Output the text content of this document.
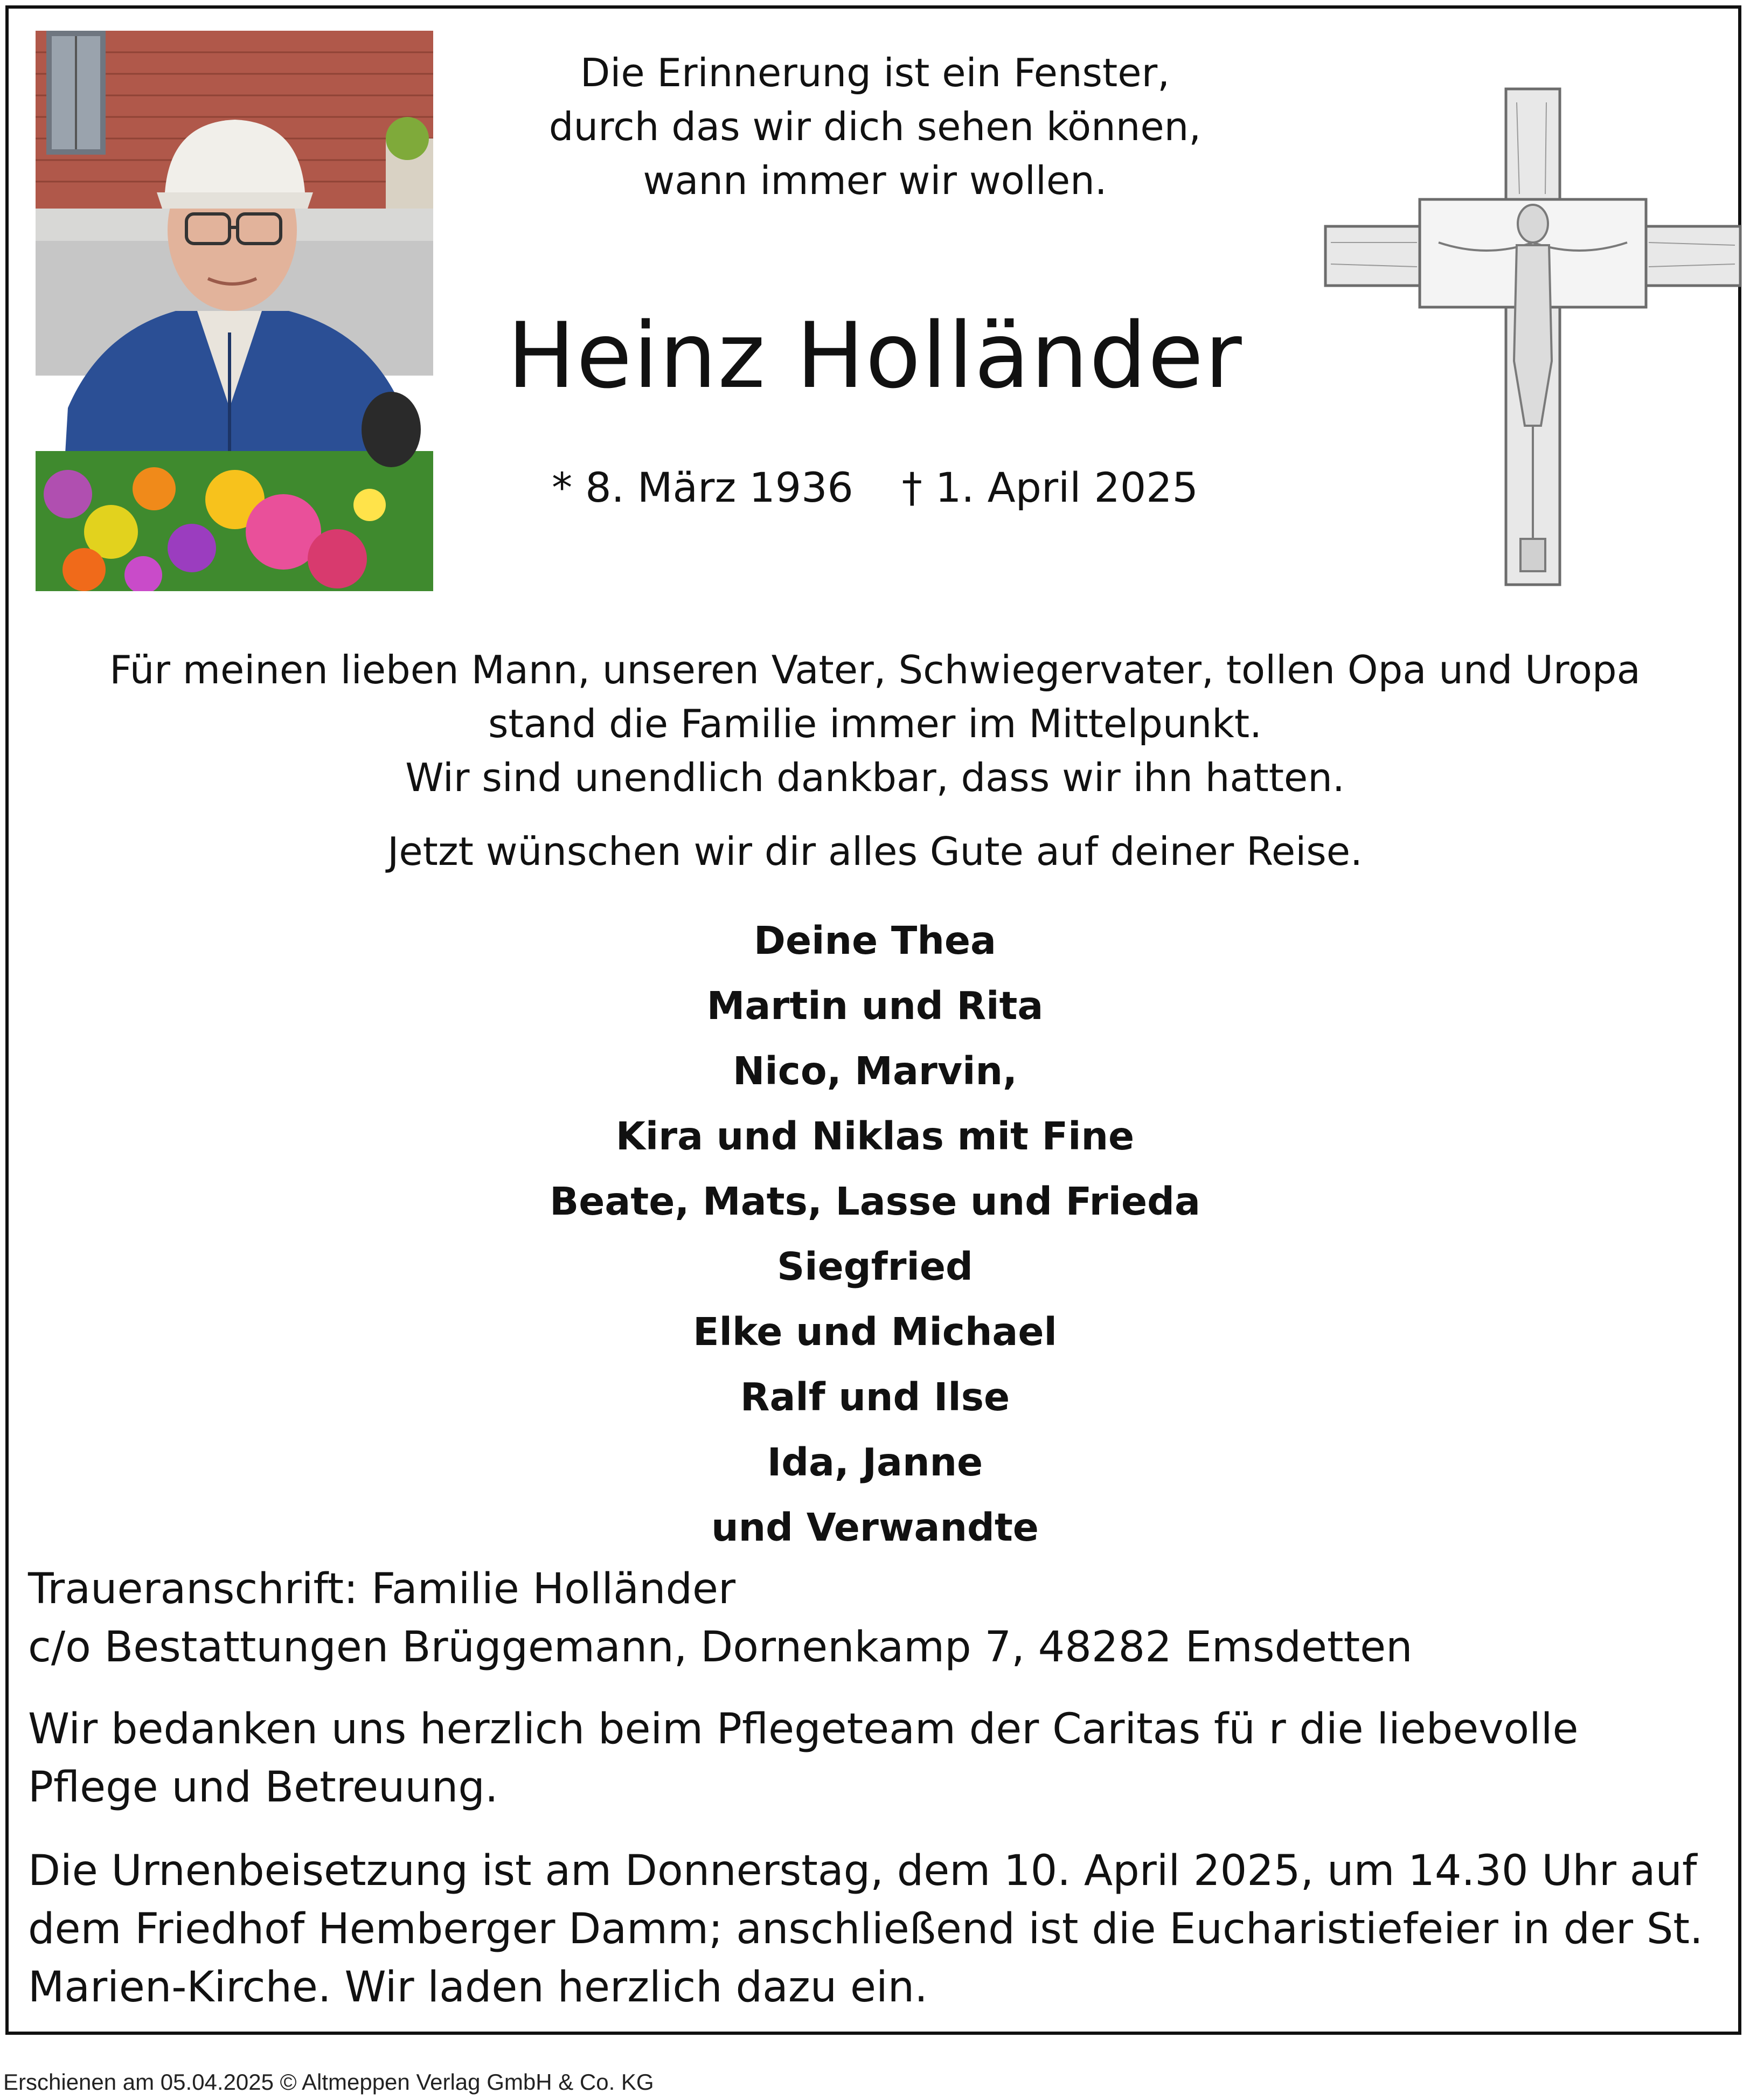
Die Erinnerung ist ein Fenster,
durch das wir dich sehen können,
wann immer wir wollen.
Heinz Holländer
* 8. März 1936 † 1. April 2025
Für meinen lieben Mann, unseren Vater, Schwiegervater, tollen Opa und Uropa
stand die Familie immer im Mittelpunkt.
Wir sind unendlich dankbar, dass wir ihn hatten.
Jetzt wünschen wir dir alles Gute auf deiner Reise.
Deine Thea
Martin und Rita
Nico, Marvin,
Kira und Niklas mit Fine
Beate, Mats, Lasse und Frieda
Siegfried
Elke und Michael
Ralf und Ilse
Ida, Janne
und Verwandte
Traueranschrift: Familie Holländer
c/o Bestattungen Brüggemann, Dornenkamp 7, 48282 Emsdetten
Wir bedanken uns herzlich beim Pflegeteam der Caritas fü r die liebevolle Pflege und Betreuung.
Die Urnenbeisetzung ist am Donnerstag, dem 10. April 2025, um 14.30 Uhr auf dem Friedhof Hemberger Damm; anschließend ist die Eucharistiefeier in der St. Marien-Kirche. Wir laden herzlich dazu ein.
Erschienen am 05.04.2025 © Altmeppen Verlag GmbH & Co. KG
